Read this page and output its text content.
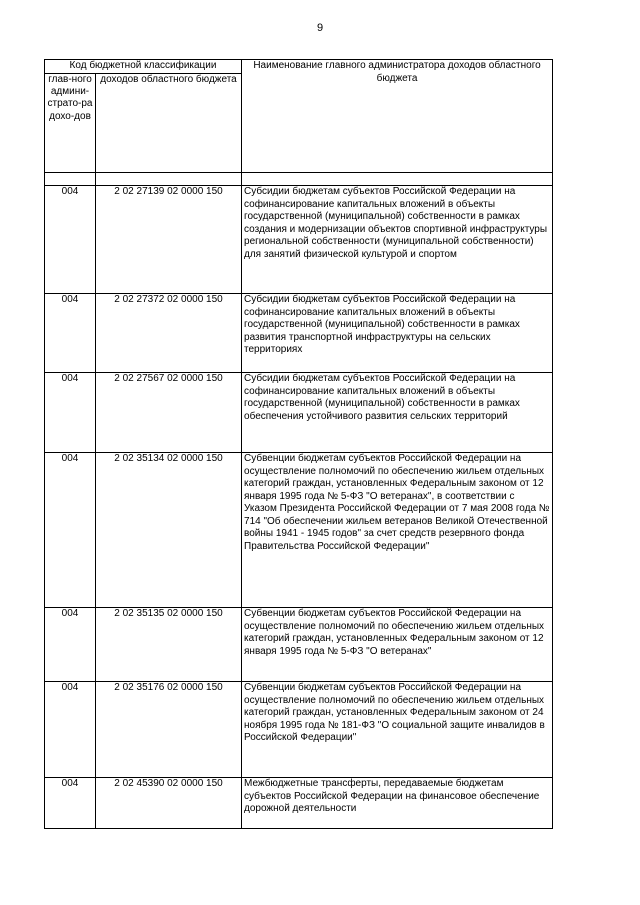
9
Код бюджетной классификации		Наименование главного администратора доходов областного бюджета
глав-ного админи-страто-ра дохо-дов	доходов областного бюджета	

004	2 02 27139 02 0000 150	Субсидии бюджетам субъектов Российской Федерации на софинансирование капитальных вложений в объекты государственной (муниципальной) собственности в рамках создания и модернизации объектов спортивной инфраструктуры региональной собственности (муниципальной собственности) для занятий физической культурой и спортом
004	2 02 27372 02 0000 150	Субсидии бюджетам субъектов Российской Федерации на софинансирование капитальных вложений в объекты государственной (муниципальной) собственности в рамках развития транспортной инфраструктуры на сельских территориях
004	2 02 27567 02 0000 150	Субсидии бюджетам субъектов Российской Федерации на софинансирование капитальных вложений в объекты государственной (муниципальной) собственности в рамках обеспечения устойчивого развития сельских территорий
004	2 02 35134 02 0000 150	Субвенции бюджетам субъектов Российской Федерации на осуществление полномочий по обеспечению жильем отдельных категорий граждан, установленных Федеральным законом от 12 января 1995 года № 5-ФЗ "О ветеранах", в соответствии с Указом Президента Российской Федерации от 7 мая 2008 года № 714 "Об обеспечении жильем ветеранов Великой Отечественной войны 1941 - 1945 годов" за счет средств резервного фонда Правительства Российской Федерации"
004	2 02 35135 02 0000 150	Субвенции бюджетам субъектов Российской Федерации на осуществление полномочий по обеспечению жильем отдельных категорий граждан, установленных Федеральным законом от 12 января 1995 года № 5-ФЗ "О ветеранах"
004	2 02 35176 02 0000 150	Субвенции бюджетам субъектов Российской Федерации на осуществление полномочий по обеспечению жильем отдельных категорий граждан, установленных Федеральным законом от 24 ноября 1995 года № 181-ФЗ "О социальной защите инвалидов в Российской Федерации"
004	2 02 45390 02 0000 150	Межбюджетные трансферты, передаваемые бюджетам субъектов Российской Федерации на финансовое обеспечение дорожной деятельности
